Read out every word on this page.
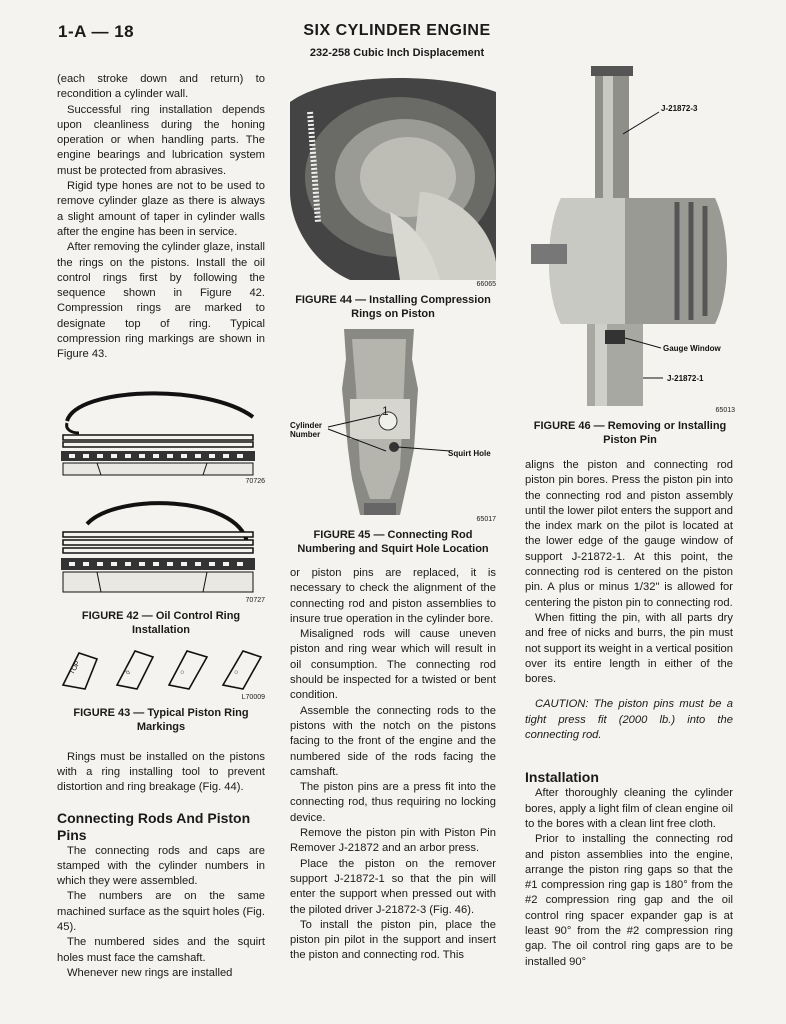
1-A — 18	SIX CYLINDER ENGINE
232-258 Cubic Inch Displacement

(each stroke down and return) to recondition a cylinder wall.

Successful ring installation depends upon cleanliness during the honing operation or when handling parts. The engine bearings and lubrication system must be protected from abrasives.

Rigid type hones are not to be used to remove cylinder glaze as there is always a slight amount of taper in cylinder walls after the engine has been in service.

After removing the cylinder glaze, install the rings on the pistons. Install the oil control rings first by following the sequence shown in Figure 42. Compression rings are marked to designate top of ring. Typical compression ring markings are shown in Figure 43.

70726

70727

FIGURE 42 — Oil Control Ring Installation

TOP	◊	○	○

L70009

FIGURE 43 — Typical Piston Ring Markings

Rings must be installed on the pistons with a ring installing tool to prevent distortion and ring breakage (Fig. 44).

Connecting Rods And Piston Pins

The connecting rods and caps are stamped with the cylinder numbers in which they were assembled.

The numbers are on the same machined surface as the squirt holes (Fig. 45).

The numbered sides and the squirt holes must face the camshaft.

Whenever new rings are installed

66065

FIGURE 44 — Installing Compression Rings on Piston

1
Cylinder Number
Squirt Hole

65017

FIGURE 45 — Connecting Rod Numbering and Squirt Hole Location

or piston pins are replaced, it is necessary to check the alignment of the connecting rod and piston assemblies to insure true operation in the cylinder bore.

Misaligned rods will cause uneven piston and ring wear which will result in oil consumption. The connecting rod should be inspected for a twisted or bent condition.

Assemble the connecting rods to the pistons with the notch on the pistons facing to the front of the engine and the numbered side of the rods facing the camshaft.

The piston pins are a press fit into the connecting rod, thus requiring no locking device.

Remove the piston pin with Piston Pin Remover J-21872 and an arbor press.

Place the piston on the remover support J-21872-1 so that the pin will enter the support when pressed out with the piloted driver J-21872-3 (Fig. 46).

To install the piston pin, place the piston pin pilot in the support and insert the piston and connecting rod. This

J-21872-3
Gauge Window
J-21872-1

65013

FIGURE 46 — Removing or Installing Piston Pin

aligns the piston and connecting rod piston pin bores. Press the piston pin into the connecting rod and piston assembly until the lower pilot enters the support and the index mark on the pilot is located at the lower edge of the gauge window of support J-21872-1. At this point, the connecting rod is centered on the piston pin. A plus or minus 1/32" is allowed for centering the piston pin to connecting rod.

When fitting the pin, with all parts dry and free of nicks and burrs, the pin must not support its weight in a vertical position over its entire length in either of the bores.

CAUTION: The piston pins must be a tight press fit (2000 lb.) into the connecting rod.

Installation

After thoroughly cleaning the cylinder bores, apply a light film of clean engine oil to the bores with a clean lint free cloth.

Prior to installing the connecting rod and piston assemblies into the engine, arrange the piston ring gaps so that the #1 compression ring gap is 180° from the #2 compression ring gap and the oil control ring spacer expander gap is at least 90° from the #2 compression ring gap. The oil control ring gaps are to be installed 90°
